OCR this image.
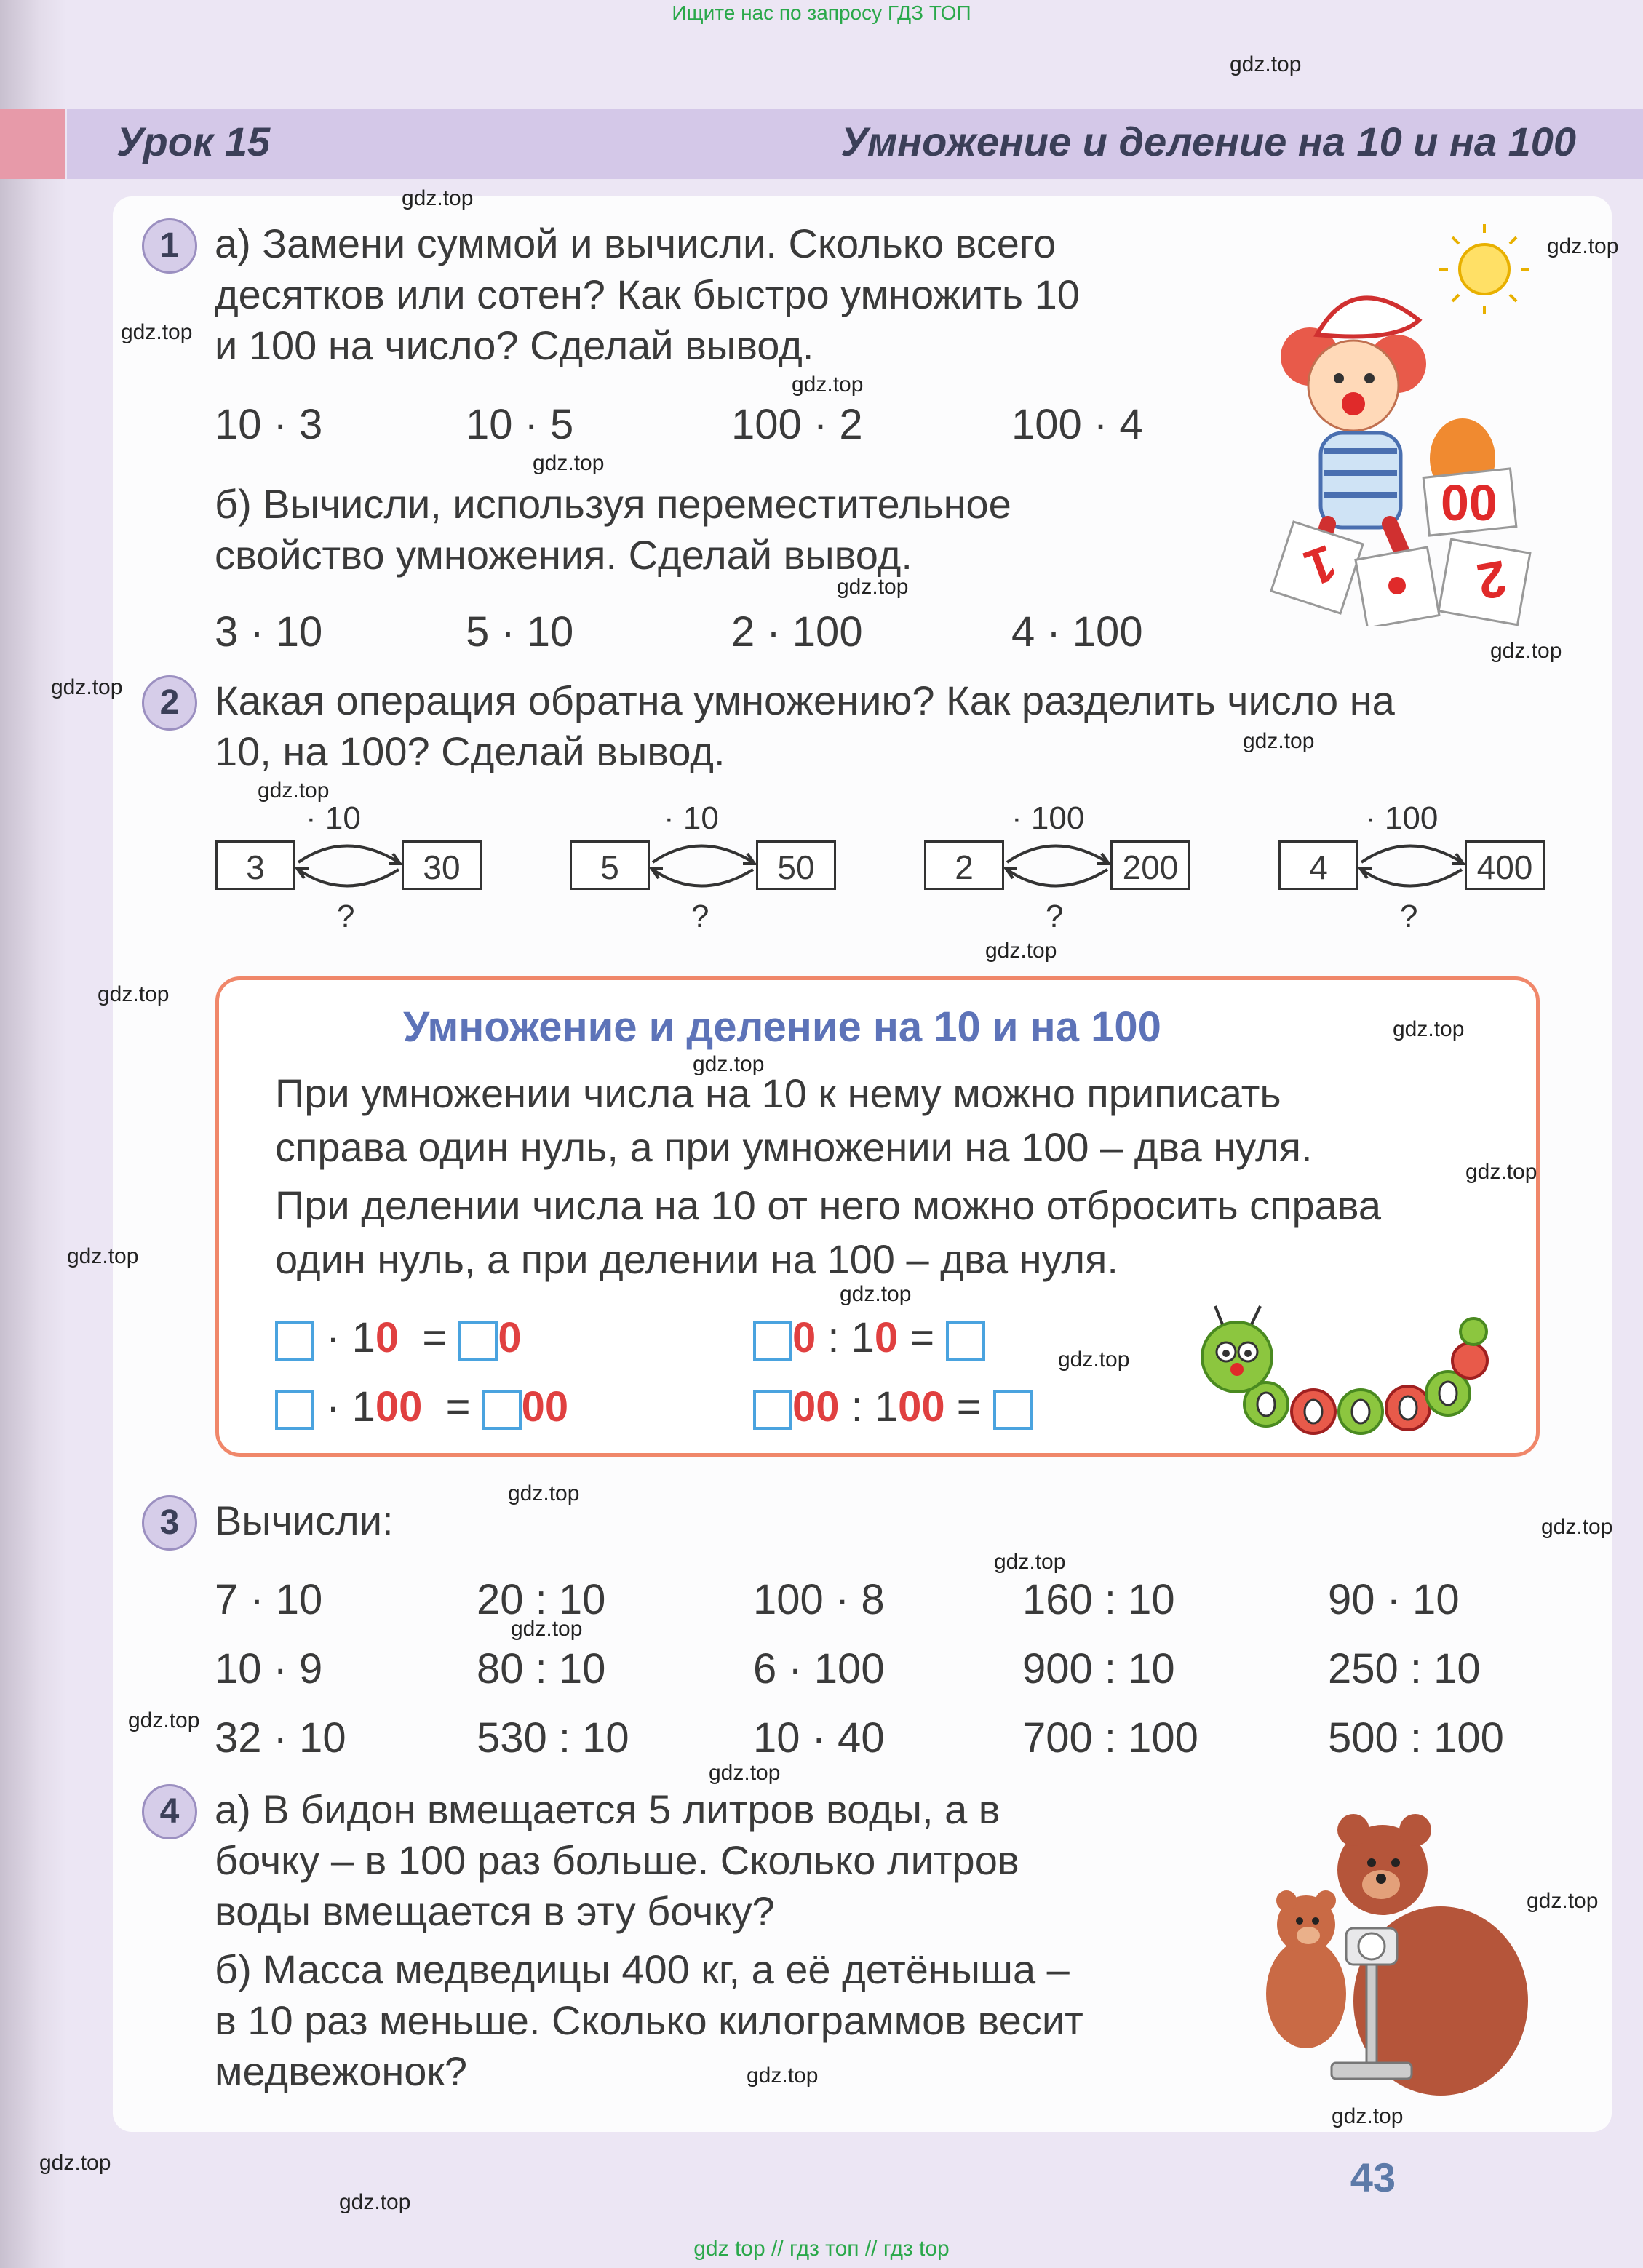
Ищите нас по запросу ГДЗ ТОП
Урок 15	Умножение и деление на 10 и на 100
1 а) Замени суммой и вычисли. Сколько всего
десятков или сотен? Как быстро умножить 10
и 100 на число? Сделай вывод.
10 · 3	10 · 5	100 · 2	100 · 4
б) Вычисли, используя переместительное
свойство умножения. Сделай вывод.
3 · 10	5 · 10	2 · 100	4 · 100
00
1	2
2 Какая операция обратна умножению? Как разделить число на
10, на 100? Сделай вывод.
· 10
3	30
?
· 10
5	50
?
· 100
2	200
?
· 100
4	400
?
Умножение и деление на 10 и на 100
При умножении числа на 10 к нему можно приписать
справа один нуль, а при умножении на 100 – два нуля.
При делении числа на 10 от него можно отбросить справа
один нуль, а при делении на 100 – два нуля.
· 10 = 0
· 100 = 00
0 : 10 =
00 : 100 =
3 Вычисли:
7 · 10	20 : 10	100 · 8	160 : 10	90 · 10
10 · 9	80 : 10	6 · 100	900 : 10	250 : 10
32 · 10	530 : 10	10 · 40	700 : 100	500 : 100
4 а) В бидон вмещается 5 литров воды, а в
бочку – в 100 раз больше. Сколько литров
воды вмещается в эту бочку?
б) Масса медведицы 400 кг, а её детёныша –
в 10 раз меньше. Сколько килограммов весит
медвежонок?
43
gdz top // гдз топ // гдз top
gdz.top
gdz.top
gdz.top
gdz.top
gdz.top
gdz.top
gdz.top
gdz.top
gdz.top
gdz.top
gdz.top
gdz.top
gdz.top
gdz.top
gdz.top
gdz.top
gdz.top
gdz.top
gdz.top
gdz.top
gdz.top
gdz.top
gdz.top
gdz.top
gdz.top
gdz.top
gdz.top
gdz.top
gdz.top
gdz.top
